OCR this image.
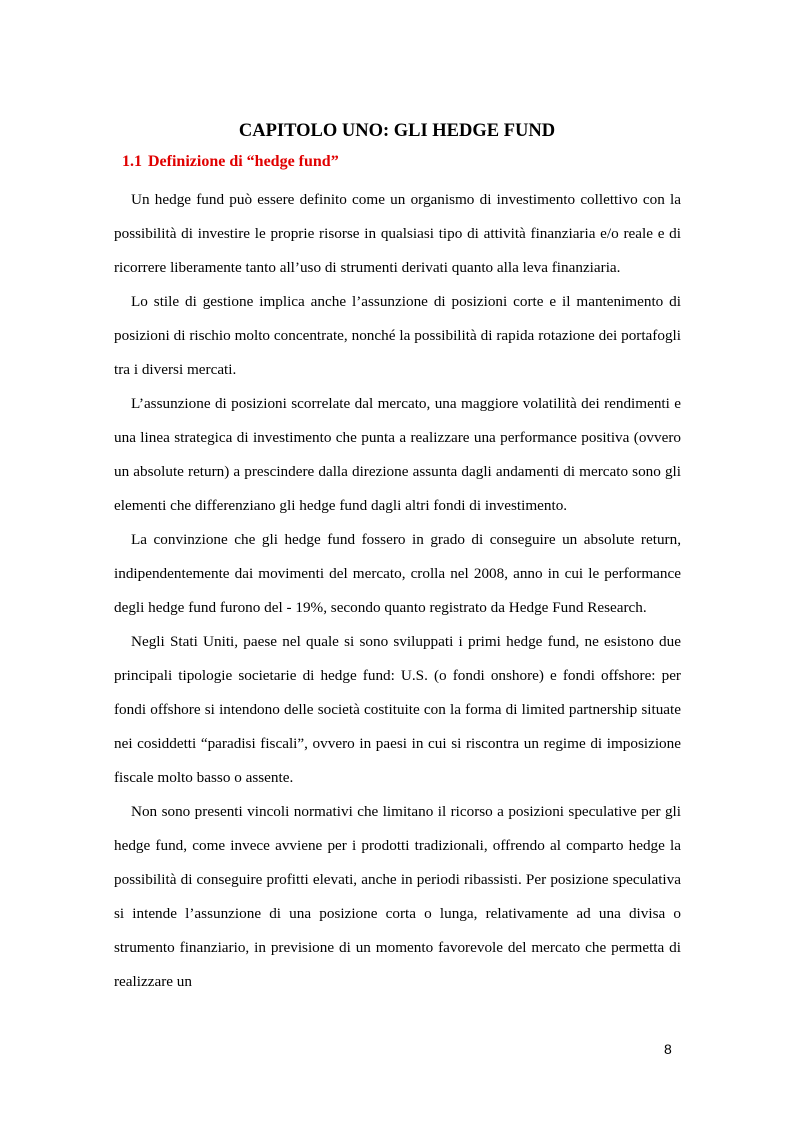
CAPITOLO UNO: GLI HEDGE FUND
1.1 Definizione di “hedge fund”

Un hedge fund può essere definito come un organismo di investimento collettivo con la possibilità di investire le proprie risorse in qualsiasi tipo di attività finanziaria e/o reale e di ricorrere liberamente tanto all’uso di strumenti derivati quanto alla leva finanziaria.

Lo stile di gestione implica anche l’assunzione di posizioni corte e il mantenimento di posizioni di rischio molto concentrate, nonché la possibilità di rapida rotazione dei portafogli tra i diversi mercati.

L’assunzione di posizioni scorrelate dal mercato, una maggiore volatilità dei rendimenti e una linea strategica di investimento che punta a realizzare una performance positiva (ovvero un absolute return) a prescindere dalla direzione assunta dagli andamenti di mercato sono gli elementi che differenziano gli hedge fund dagli altri fondi di investimento.

La convinzione che gli hedge fund fossero in grado di conseguire un absolute return, indipendentemente dai movimenti del mercato, crolla nel 2008, anno in cui le performance degli hedge fund furono del - 19%, secondo quanto registrato da Hedge Fund Research.

Negli Stati Uniti, paese nel quale si sono sviluppati i primi hedge fund, ne esistono due principali tipologie societarie di hedge fund: U.S. (o fondi onshore) e fondi offshore: per fondi offshore si intendono delle società costituite con la forma di limited partnership situate nei cosiddetti “paradisi fiscali”, ovvero in paesi in cui si riscontra un regime di imposizione fiscale molto basso o assente.

Non sono presenti vincoli normativi che limitano il ricorso a posizioni speculative per gli hedge fund, come invece avviene per i prodotti tradizionali, offrendo al comparto hedge la possibilità di conseguire profitti elevati, anche in periodi ribassisti. Per posizione speculativa si intende l’assunzione di una posizione corta o lunga, relativamente ad una divisa o strumento finanziario, in previsione di un momento favorevole del mercato che permetta di realizzare un

8
